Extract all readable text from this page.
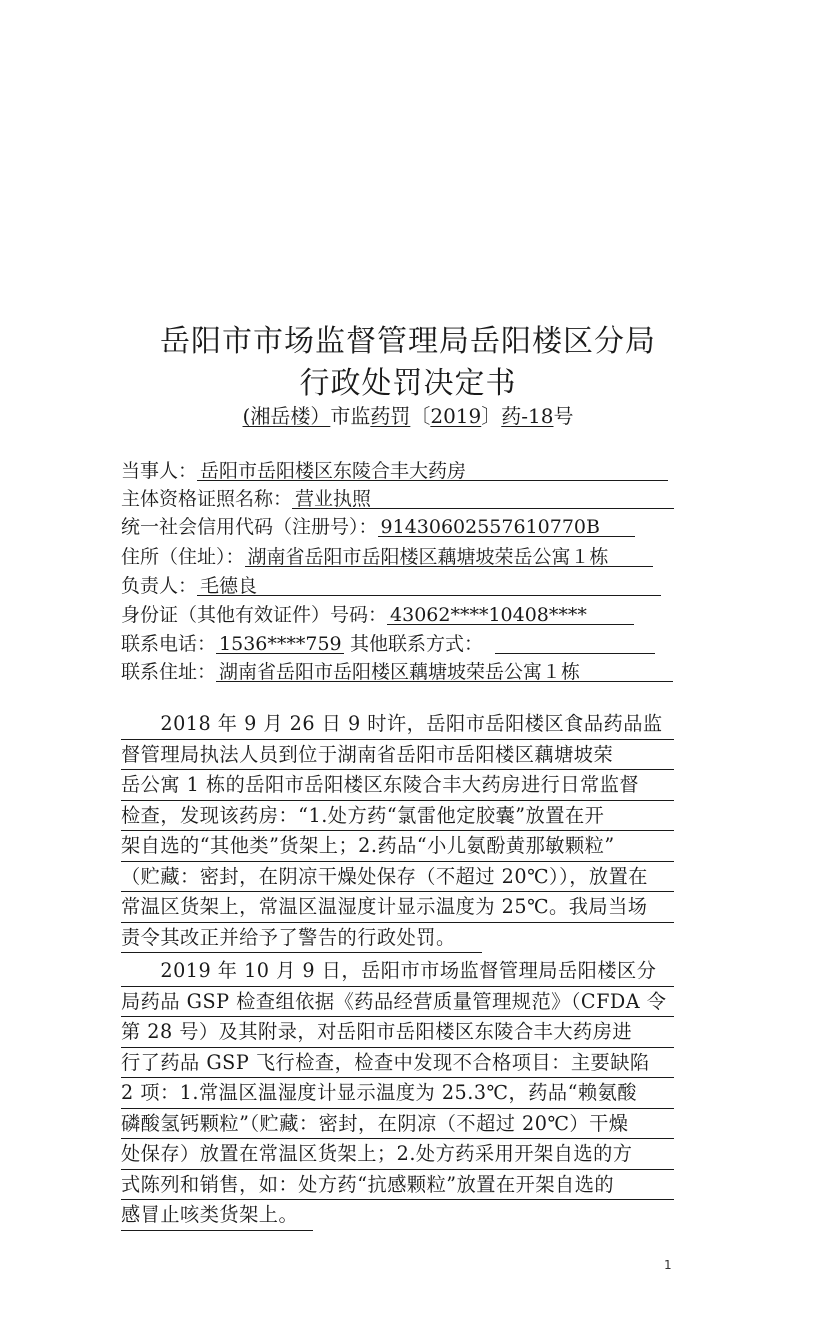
岳阳市市场监督管理局岳阳楼区分局
行政处罚决定书
(湘岳楼）市监药罚〔2019〕药-18号
当事人： 岳阳市岳阳楼区东陵合丰大药房
主体资格证照名称： 营业执照
统一社会信用代码（注册号）： 91430602557610770B
住所（住址）： 湖南省岳阳市岳阳楼区藕塘坡荣岳公寓１栋
负责人： 毛德良
身份证（其他有效证件）号码： 43062****10408****
联系电话： 1536****759 其他联系方式：
联系住址： 湖南省岳阳市岳阳楼区藕塘坡荣岳公寓１栋
　　2018 年 9 月 26 日 9 时许，岳阳市岳阳楼区食品药品监
督管理局执法人员到位于湖南省岳阳市岳阳楼区藕塘坡荣
岳公寓 1 栋的岳阳市岳阳楼区东陵合丰大药房进行日常监督
检查，发现该药房：“1.处方药“氯雷他定胶囊”放置在开
架自选的“其他类”货架上；2.药品“小儿氨酚黄那敏颗粒”
（贮藏：密封，在阴凉干燥处保存（不超过 20℃）），放置在
常温区货架上，常温区温湿度计显示温度为 25℃。我局当场
责令其改正并给予了警告的行政处罚。
　　2019 年 10 月 9 日，岳阳市市场监督管理局岳阳楼区分
局药品 GSP 检查组依据《药品经营质量管理规范》（CFDA 令
第 28 号）及其附录，对岳阳市岳阳楼区东陵合丰大药房进
行了药品 GSP 飞行检查，检查中发现不合格项目：主要缺陷
2 项：1.常温区温湿度计显示温度为 25.3℃，药品“赖氨酸
磷酸氢钙颗粒”（贮藏：密封，在阴凉（不超过 20℃）干燥
处保存）放置在常温区货架上；2.处方药采用开架自选的方
式陈列和销售，如：处方药“抗感颗粒”放置在开架自选的
感冒止咳类货架上。
1
